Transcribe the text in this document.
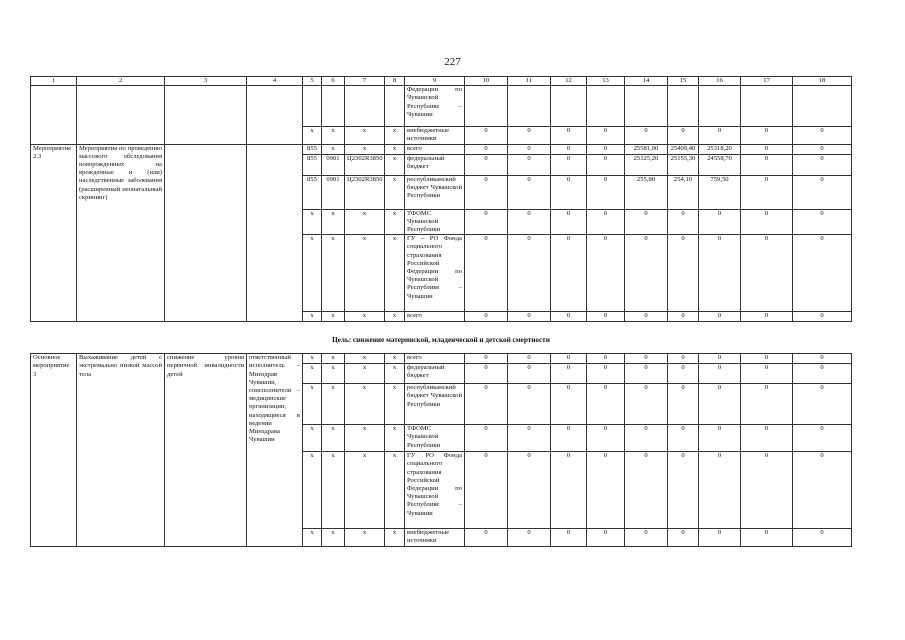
227
1	2	3	4	5	6	7	8	9	10	11	12	13	14	15	16	17	18
								Федерации по Чувашской Республике – Чувашии									
				x	x	x	x	внебюджетные источники	0	0	0	0	0	0	0	0	0
Мероприятие 2.3	Мероприятия по проведению массового обследования новорожденных на врожденные и (или) наследственные заболевания (расширенный неонатальный скрининг)			855	x	x	x	всего	0	0	0	0	25581,00	25409,40	25318,20	0	0
				855	0901	Ц2302R3850	x	федеральный бюджет	0	0	0	0	25325,20	25155,30	24558,70	0	0
				855	0901	Ц2302R3850	x	республиканский бюджет Чувашской Республики	0	0	0	0	255,80	254,10	759,50	0	0
				x	x	x	x	ТФОМС Чувашской Республики	0	0	0	0	0	0	0	0	0
				x	x	x	x	ГУ – РО Фонда социального страхования Российской Федерации по Чувашской Республике – Чувашии	0	0	0	0	0	0	0	0	0
				x	x	x	x	всего	0	0	0	0	0	0	0	0	0
Цель: снижение материнской, младенческой и детской смертности																	
Основное мероприятие 3	Выхаживание детей с экстремально низкой массой тела	снижение уровня первичной инвалидности детей	ответственный исполнитель – Минздрав Чувашии, соисполнители – медицинские организации, находящиеся в ведении Минздрава Чувашии	x	x	x	x	всего	0	0	0	0	0	0	0	0	0
				x	x	x	x	федеральный бюджет	0	0	0	0	0	0	0	0	0
				x	x	x	x	республиканский бюджет Чувашской Республики	0	0	0	0	0	0	0	0	0
				x	x	x	x	ТФОМС Чувашской Республики	0	0	0	0	0	0	0	0	0
				x	x	x	x	ГУ РО Фонда социального страхования Российской Федерации по Чувашской Республике – Чувашии	0	0	0	0	0	0	0	0	0
				x	x	x	x	внебюджетные источники	0	0	0	0	0	0	0	0	0
